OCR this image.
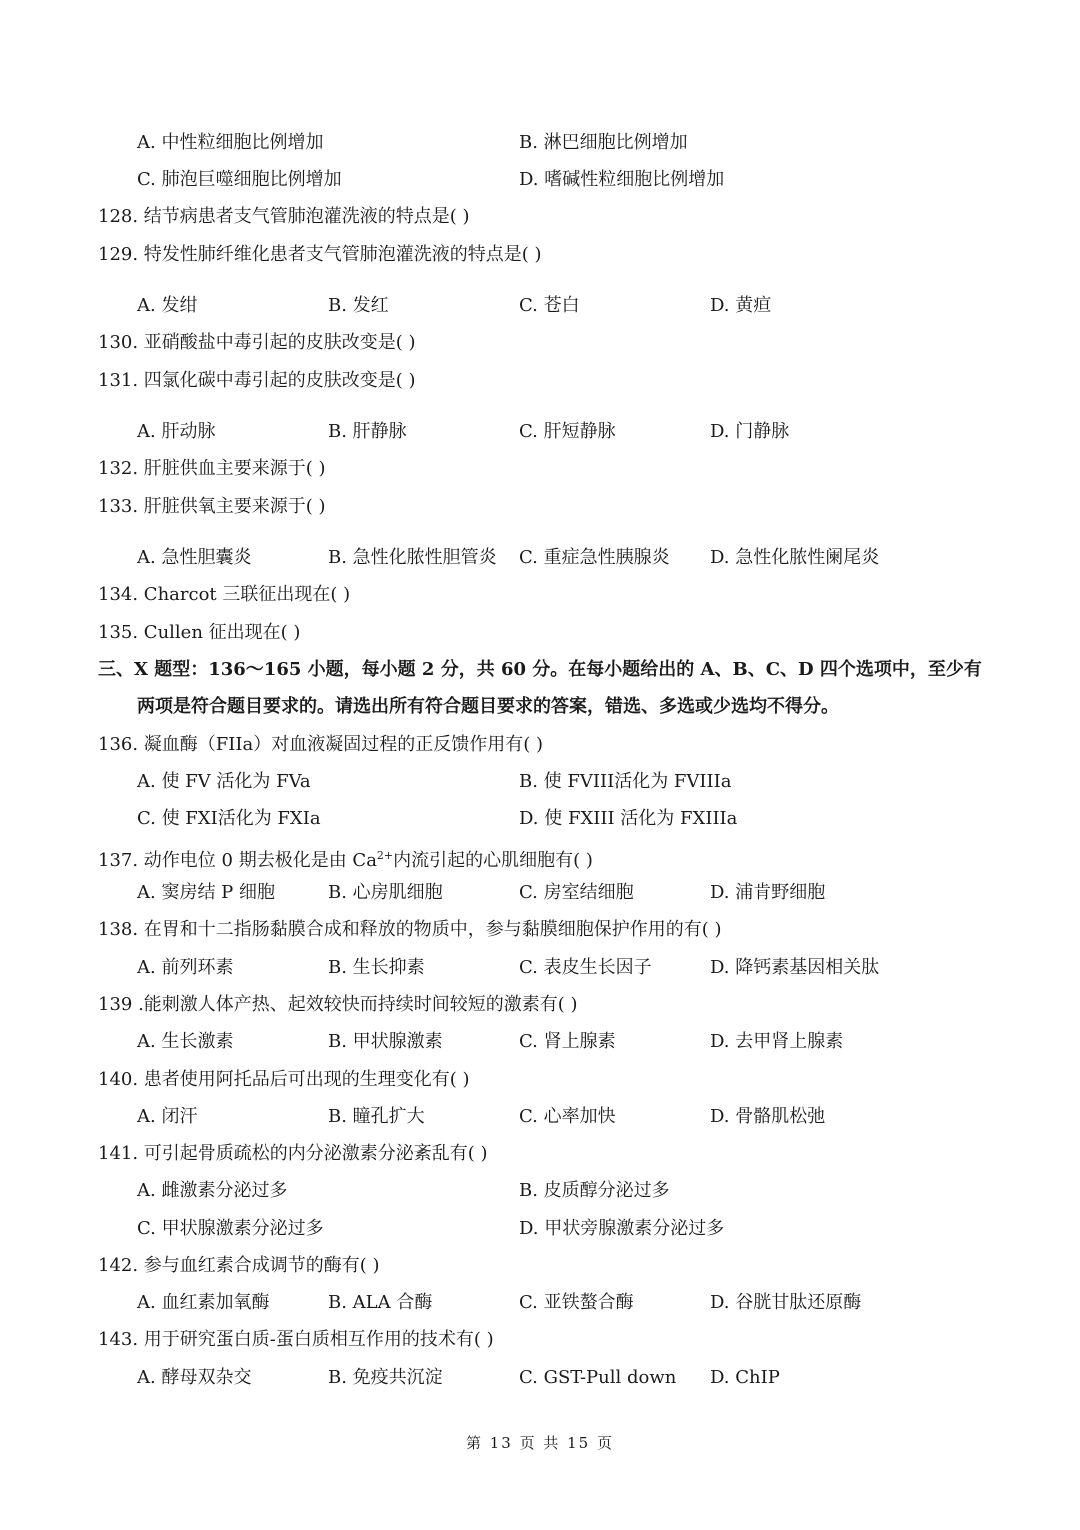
A. 中性粒细胞比例增加	B. 淋巴细胞比例增加
C. 肺泡巨噬细胞比例增加	D. 嗜碱性粒细胞比例增加
128. 结节病患者支气管肺泡灌洗液的特点是( )
129. 特发性肺纤维化患者支气管肺泡灌洗液的特点是( )
A. 发绀	B. 发红	C. 苍白	D. 黄疸
130. 亚硝酸盐中毒引起的皮肤改变是( )
131. 四氯化碳中毒引起的皮肤改变是( )
A. 肝动脉	B. 肝静脉	C. 肝短静脉	D. 门静脉
132. 肝脏供血主要来源于( )
133. 肝脏供氧主要来源于( )
A. 急性胆囊炎	B. 急性化脓性胆管炎 C. 重症急性胰腺炎 D. 急性化脓性阑尾炎
134. Charcot 三联征出现在( )
135. Cullen 征出现在( )
三、X 题型：136～165 小题，每小题 2 分，共 60 分。在每小题给出的 A、B、C、D 四个选项中，至少有
两项是符合题目要求的。请选出所有符合题目要求的答案，错选、多选或少选均不得分。
136. 凝血酶（FIIa）对血液凝固过程的正反馈作用有( )
A. 使 FV 活化为 FVa	B. 使 FVIII活化为 FVIIIa
C. 使 FXI活化为 FXIa	D. 使 FXIII 活化为 FXIIIa
137. 动作电位 0 期去极化是由 $Ca^{2+}$内流引起的心肌细胞有( )
A. 窦房结 P 细胞	B. 心房肌细胞	C. 房室结细胞	D. 浦肯野细胞
138. 在胃和十二指肠黏膜合成和释放的物质中，参与黏膜细胞保护作用的有( )
A. 前列环素	B. 生长抑素	C. 表皮生长因子	D. 降钙素基因相关肽
139 .能刺激人体产热、起效较快而持续时间较短的激素有( )
A. 生长激素	B. 甲状腺激素	C. 肾上腺素	D. 去甲肾上腺素
140. 患者使用阿托品后可出现的生理变化有( )
A. 闭汗	B. 瞳孔扩大	C. 心率加快	D. 骨骼肌松弛
141. 可引起骨质疏松的内分泌激素分泌紊乱有( )
A. 雌激素分泌过多	B. 皮质醇分泌过多
C. 甲状腺激素分泌过多	D. 甲状旁腺激素分泌过多
142. 参与血红素合成调节的酶有( )
A. 血红素加氧酶	B. ALA 合酶	C. 亚铁螯合酶	D. 谷胱甘肽还原酶
143. 用于研究蛋白质-蛋白质相互作用的技术有( )
A. 酵母双杂交	B. 免疫共沉淀	C. GST-Pull down D. ChIP
第 13 页 共 15 页
